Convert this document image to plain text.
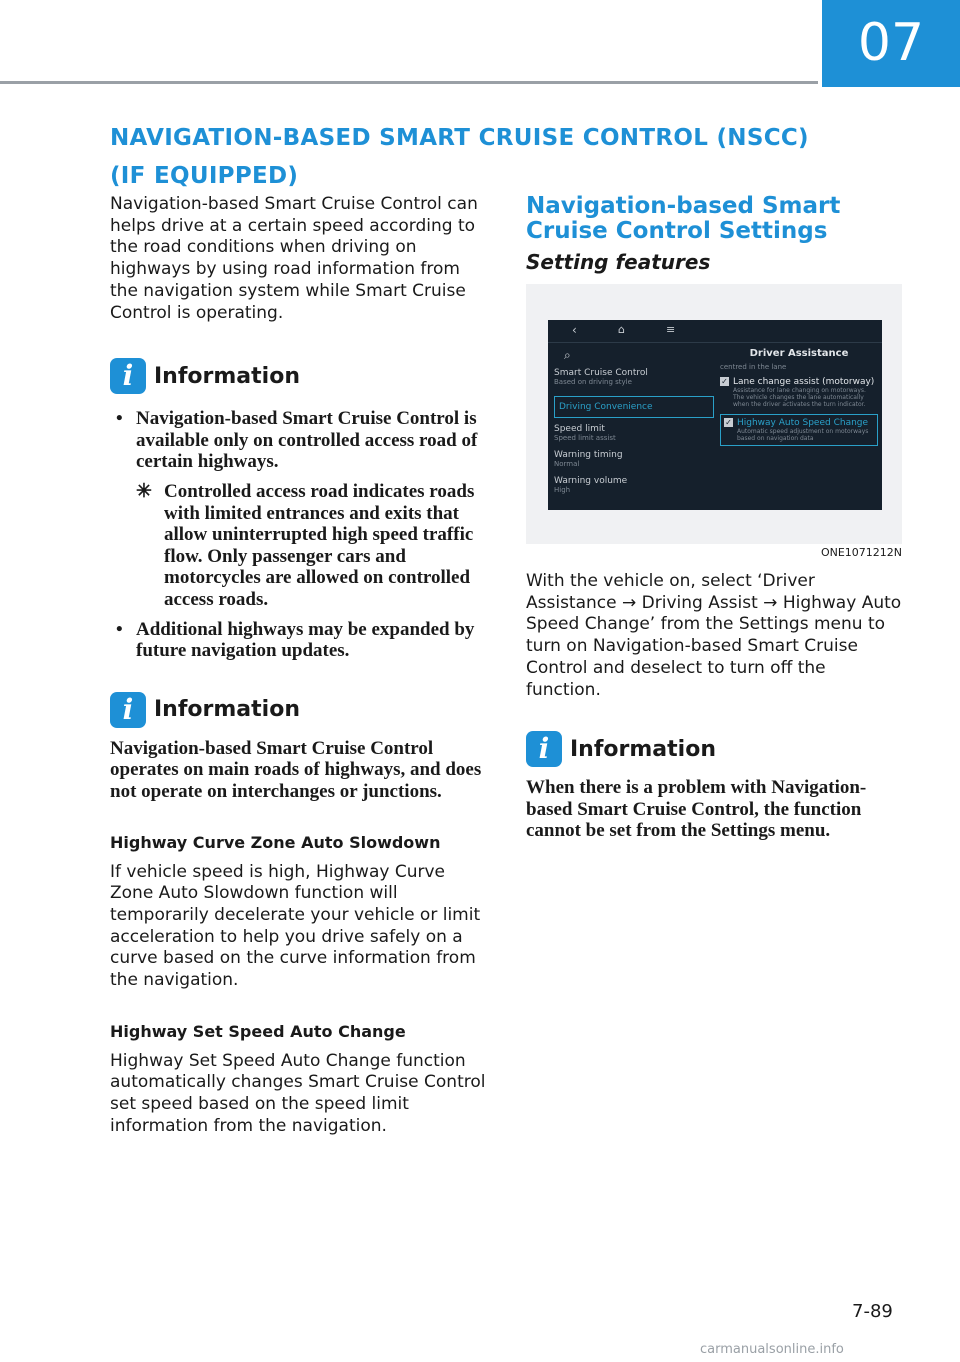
07
NAVIGATION-BASED SMART CRUISE CONTROL (NSCC)
(IF EQUIPPED)

Navigation-based Smart Cruise Control can helps drive at a certain speed according to the road conditions when driving on highways by using road information from the navigation system while Smart Cruise Control is operating.

i Information
• Navigation-based Smart Cruise Control is available only on controlled access road of certain highways.
✳ Controlled access road indicates roads with limited entrances and exits that allow uninterrupted high speed traffic flow. Only passenger cars and motorcycles are allowed on controlled access roads.
• Additional highways may be expanded by future navigation updates.
i Information

Navigation-based Smart Cruise Control operates on main roads of highways, and does not operate on interchanges or junctions.

Highway Curve Zone Auto Slowdown

If vehicle speed is high, Highway Curve Zone Auto Slowdown function will temporarily decelerate your vehicle or limit acceleration to help you drive safely on a curve based on the curve information from the navigation.

Highway Set Speed Auto Change

Highway Set Speed Auto Change function automatically changes Smart Cruise Control set speed based on the speed limit information from the navigation.

Navigation-based Smart Cruise Control Settings
Setting features
‹	⌂	≡
⌕
Smart Cruise Control
Based on driving style
Driving Convenience
Speed limit
Speed limit assist
Warning timing
Normal
Warning volume
High
Driver Assistance
centred in the lane
✓ Lane change assist (motorway)
Assistance for lane changing on motorways. The vehicle changes the lane automatically when the driver activates the turn indicator.
✓ Highway Auto Speed Change
Automatic speed adjustment on motorways based on navigation data
ONE1071212N

With the vehicle on, select ‘Driver Assistance → Driving Assist → Highway Auto Speed Change’ from the Settings menu to turn on Navigation-based Smart Cruise Control and deselect to turn off the function.

i Information

When there is a problem with Navigation-based Smart Cruise Control, the function cannot be set from the Settings menu.

7-89
carmanualsonline.info
